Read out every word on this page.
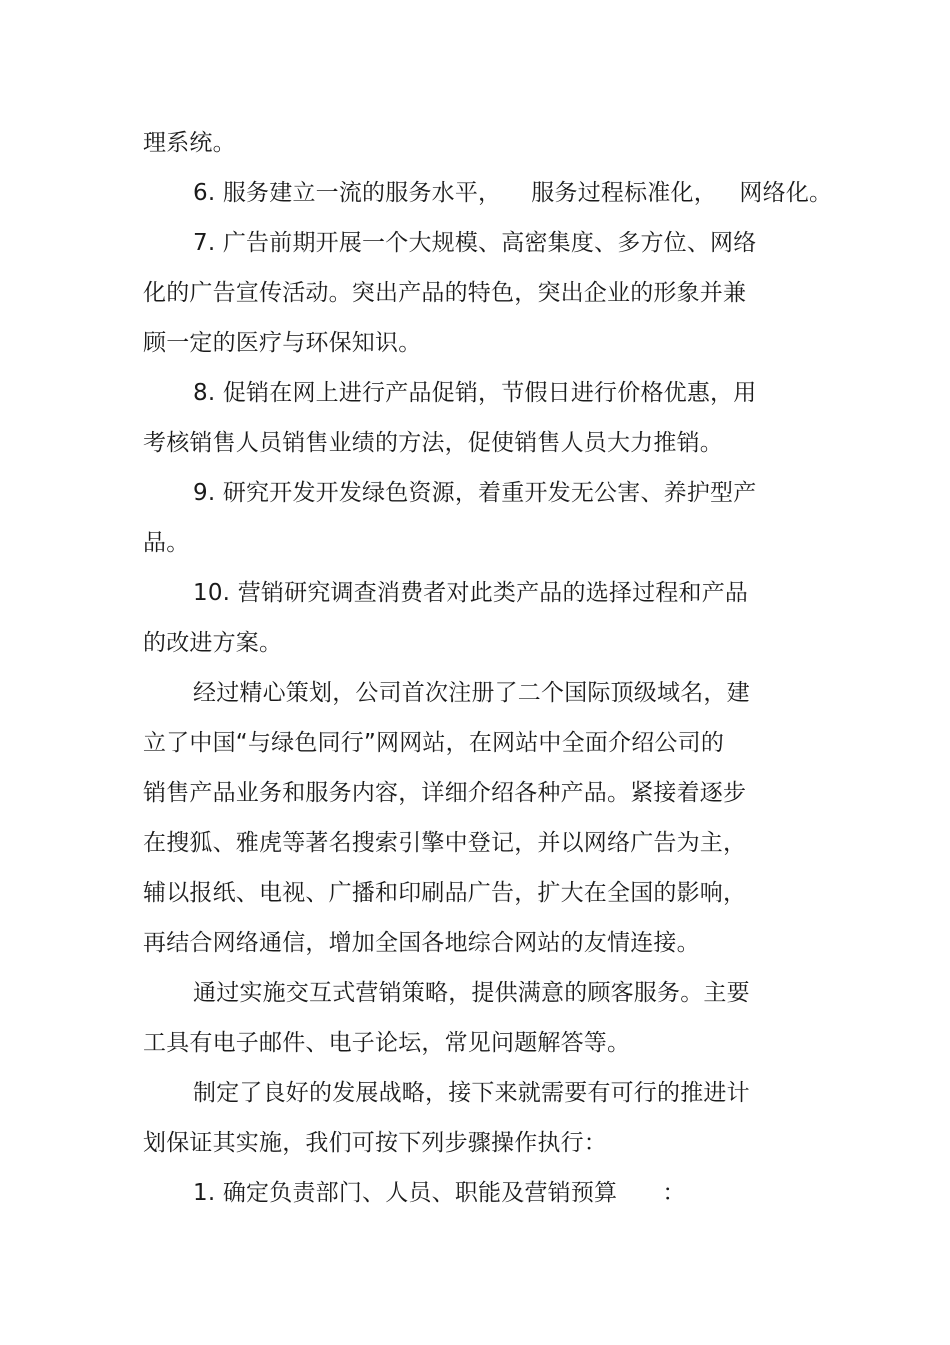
理系统。
6. 服务建立一流的服务水平，    服务过程标准化，   网络化。
7. 广告前期开展一个大规模、高密集度、多方位、网络
化的广告宣传活动。突出产品的特色，突出企业的形象并兼
顾一定的医疗与环保知识。
8. 促销在网上进行产品促销，节假日进行价格优惠，用
考核销售人员销售业绩的方法，促使销售人员大力推销。
9. 研究开发开发绿色资源，着重开发无公害、养护型产
品。
10. 营销研究调查消费者对此类产品的选择过程和产品
的改进方案。
经过精心策划，公司首次注册了二个国际顶级域名，建
立了中国“与绿色同行”网网站，在网站中全面介绍公司的
销售产品业务和服务内容，详细介绍各种产品。紧接着逐步
在搜狐、雅虎等著名搜索引擎中登记，并以网络广告为主，
辅以报纸、电视、广播和印刷品广告，扩大在全国的影响，
再结合网络通信，增加全国各地综合网站的友情连接。
通过实施交互式营销策略，提供满意的顾客服务。主要
工具有电子邮件、电子论坛，常见问题解答等。
制定了良好的发展战略，接下来就需要有可行的推进计
划保证其实施，我们可按下列步骤操作执行：
1. 确定负责部门、人员、职能及营销预算      ：
